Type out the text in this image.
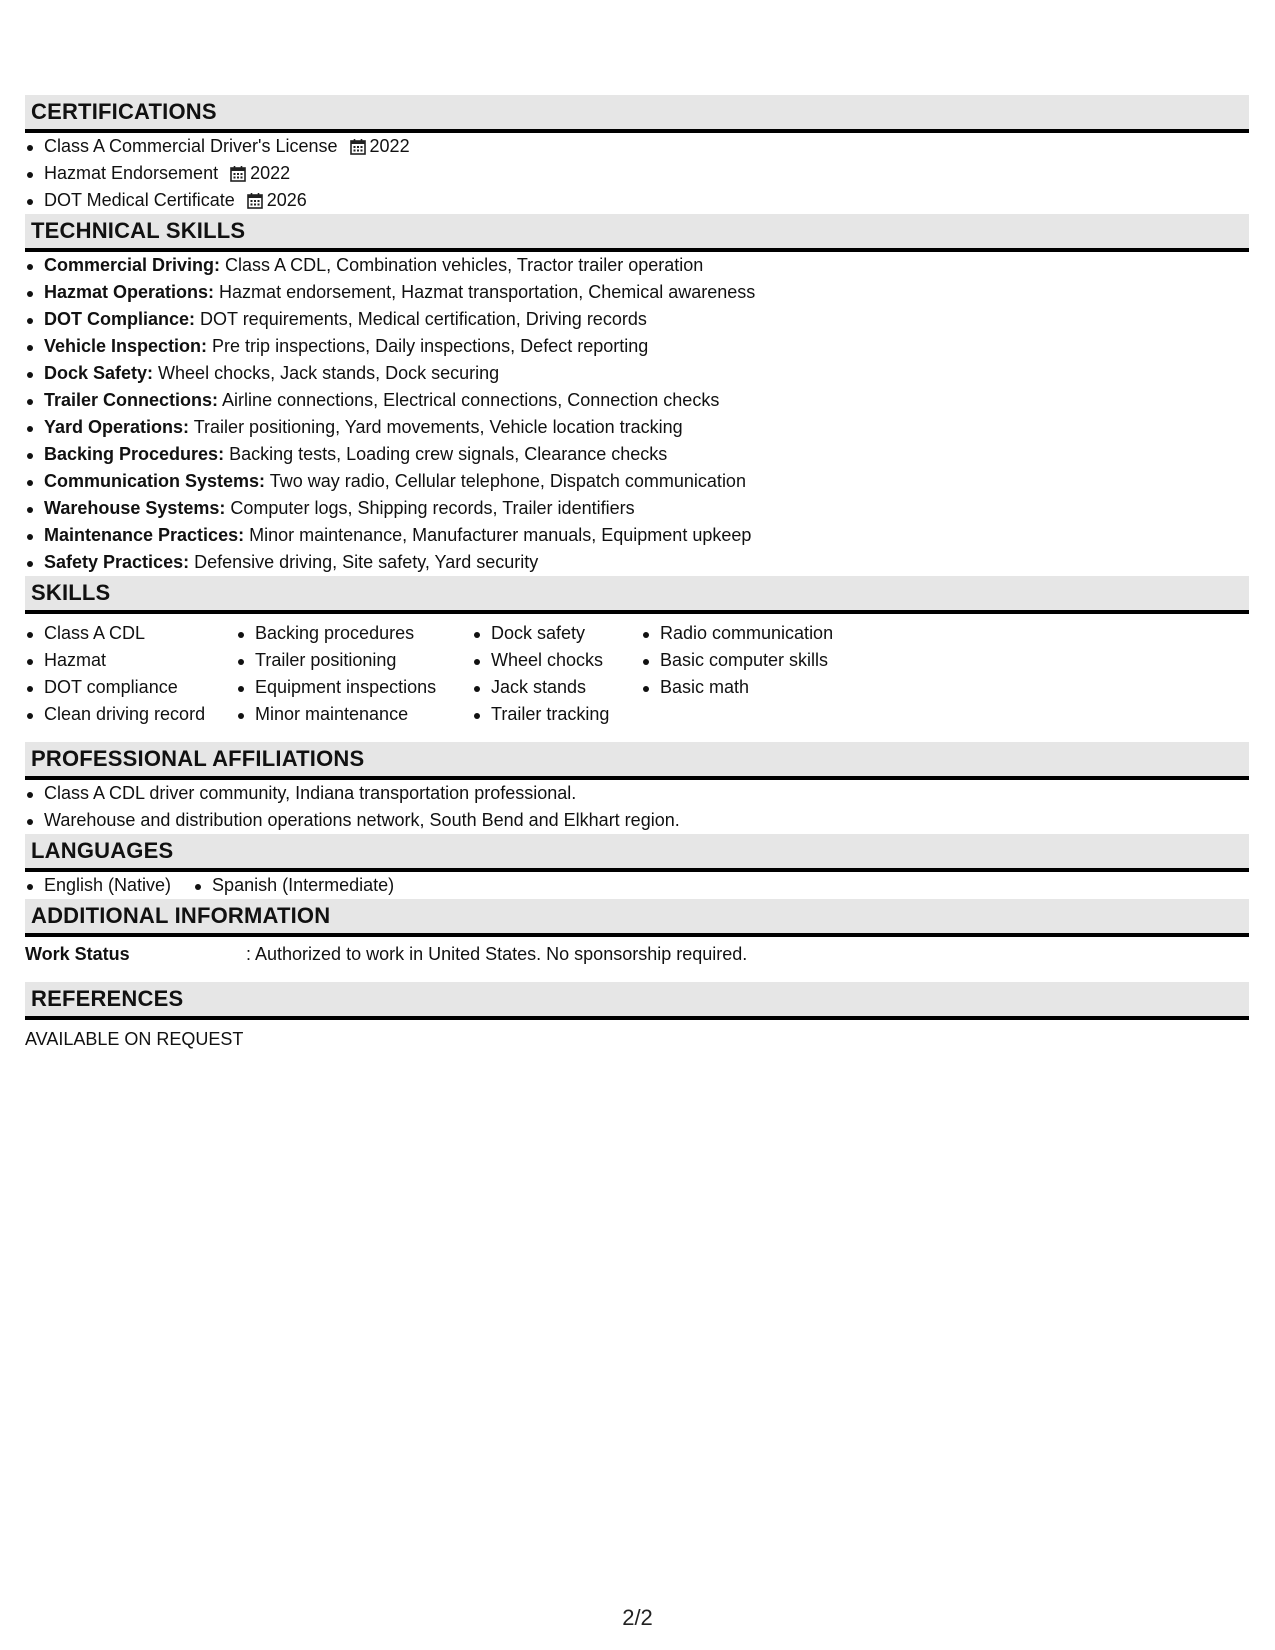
CERTIFICATIONS
Class A Commercial Driver's License 2022
Hazmat Endorsement 2022
DOT Medical Certificate 2026
TECHNICAL SKILLS
Commercial Driving: Class A CDL, Combination vehicles, Tractor trailer operation
Hazmat Operations: Hazmat endorsement, Hazmat transportation, Chemical awareness
DOT Compliance: DOT requirements, Medical certification, Driving records
Vehicle Inspection: Pre trip inspections, Daily inspections, Defect reporting
Dock Safety: Wheel chocks, Jack stands, Dock securing
Trailer Connections: Airline connections, Electrical connections, Connection checks
Yard Operations: Trailer positioning, Yard movements, Vehicle location tracking
Backing Procedures: Backing tests, Loading crew signals, Clearance checks
Communication Systems: Two way radio, Cellular telephone, Dispatch communication
Warehouse Systems: Computer logs, Shipping records, Trailer identifiers
Maintenance Practices: Minor maintenance, Manufacturer manuals, Equipment upkeep
Safety Practices: Defensive driving, Site safety, Yard security
SKILLS
Class A CDL
Hazmat
DOT compliance
Clean driving record
Backing procedures
Trailer positioning
Equipment inspections
Minor maintenance
Dock safety
Wheel chocks
Jack stands
Trailer tracking
Radio communication
Basic computer skills
Basic math
PROFESSIONAL AFFILIATIONS
Class A CDL driver community, Indiana transportation professional.
Warehouse and distribution operations network, South Bend and Elkhart region.
LANGUAGES
English (Native)	Spanish (Intermediate)
ADDITIONAL INFORMATION
Work Status	: Authorized to work in United States. No sponsorship required.
REFERENCES
AVAILABLE ON REQUEST
2/2
